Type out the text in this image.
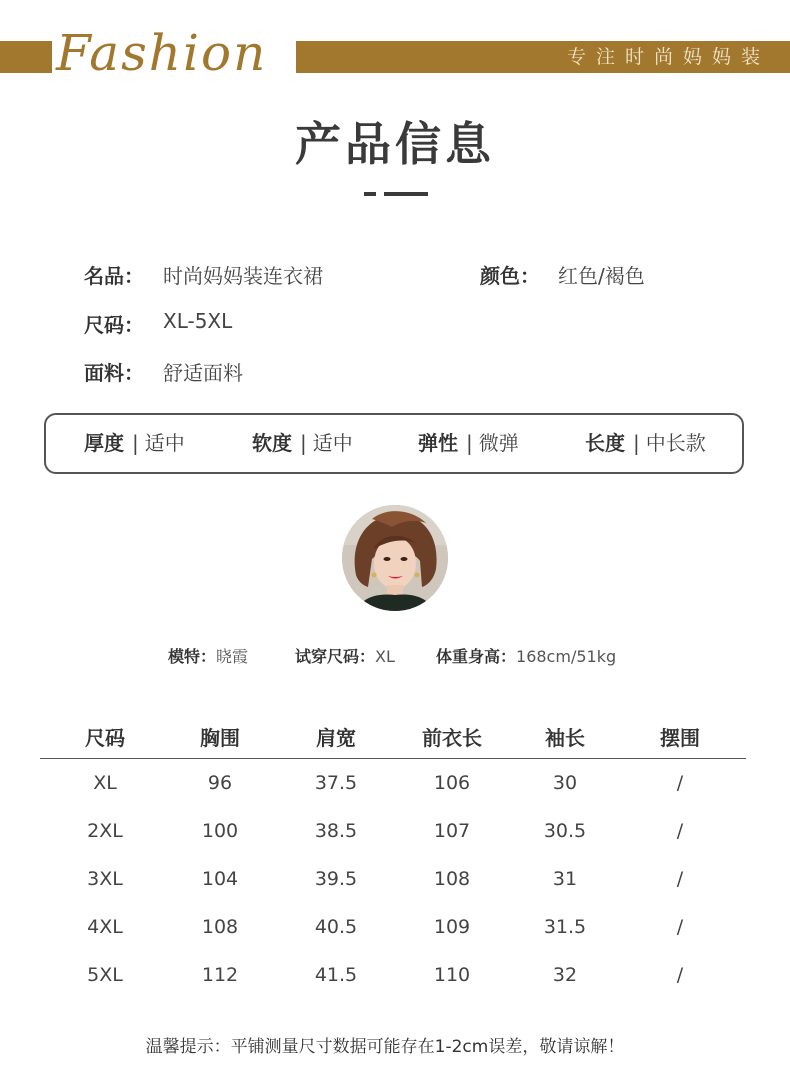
Fashion	专注时尚妈妈装
产品信息
名品： 时尚妈妈装连衣裙	颜色： 红色/褐色
尺码： XL-5XL
面料： 舒适面料
厚度 | 适中	软度 | 适中	弹性 | 微弹	长度 | 中长款
模特：晓霞	试穿尺码：XL	体重身高：168cm/51kg
尺码	胸围	肩宽	前衣长	袖长	摆围
XL	96	37.5	106	30	/
2XL	100	38.5	107	30.5	/
3XL	104	39.5	108	31	/
4XL	108	40.5	109	31.5	/
5XL	112	41.5	110	32	/
温馨提示：平铺测量尺寸数据可能存在1-2cm误差，敬请谅解！
